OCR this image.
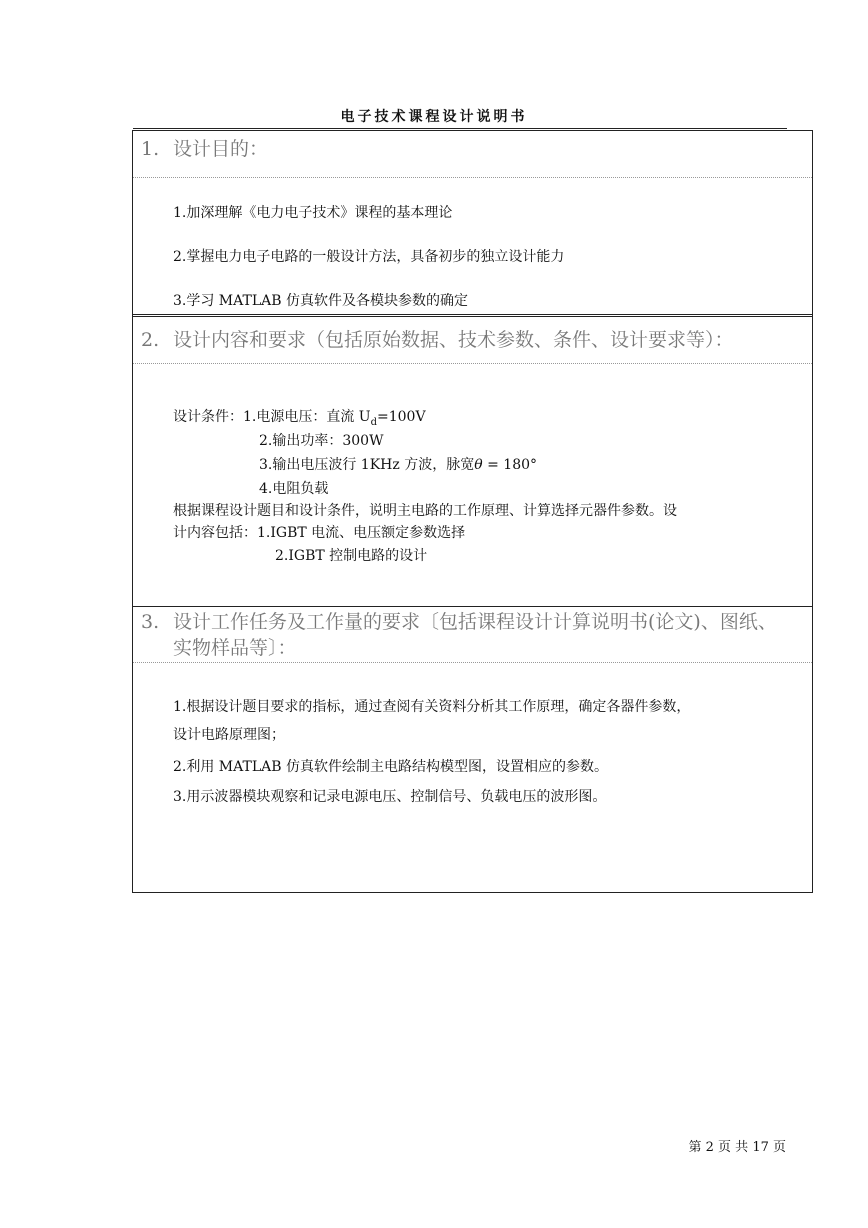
电子技术课程设计说明书
1. 设计目的：
1.加深理解《电力电子技术》课程的基本理论
2.掌握电力电子电路的一般设计方法，具备初步的独立设计能力
3.学习 MATLAB 仿真软件及各模块参数的确定
2. 设计内容和要求（包括原始数据、技术参数、条件、设计要求等）：
设计条件：1.电源电压：直流 $U_d=100V$
2.输出功率：300W
3.输出电压波行 1KHz 方波，脉宽θ = 180°
4.电阻负载
根据课程设计题目和设计条件，说明主电路的工作原理、计算选择元器件参数。设
计内容包括：1.IGBT 电流、电压额定参数选择
2.IGBT 控制电路的设计
3. 设计工作任务及工作量的要求〔包括课程设计计算说明书(论文)、图纸、
实物样品等〕：
1.根据设计题目要求的指标，通过查阅有关资料分析其工作原理，确定各器件参数，
设计电路原理图；
2.利用 MATLAB 仿真软件绘制主电路结构模型图，设置相应的参数。
3.用示波器模块观察和记录电源电压、控制信号、负载电压的波形图。
第 2 页 共 17 页
